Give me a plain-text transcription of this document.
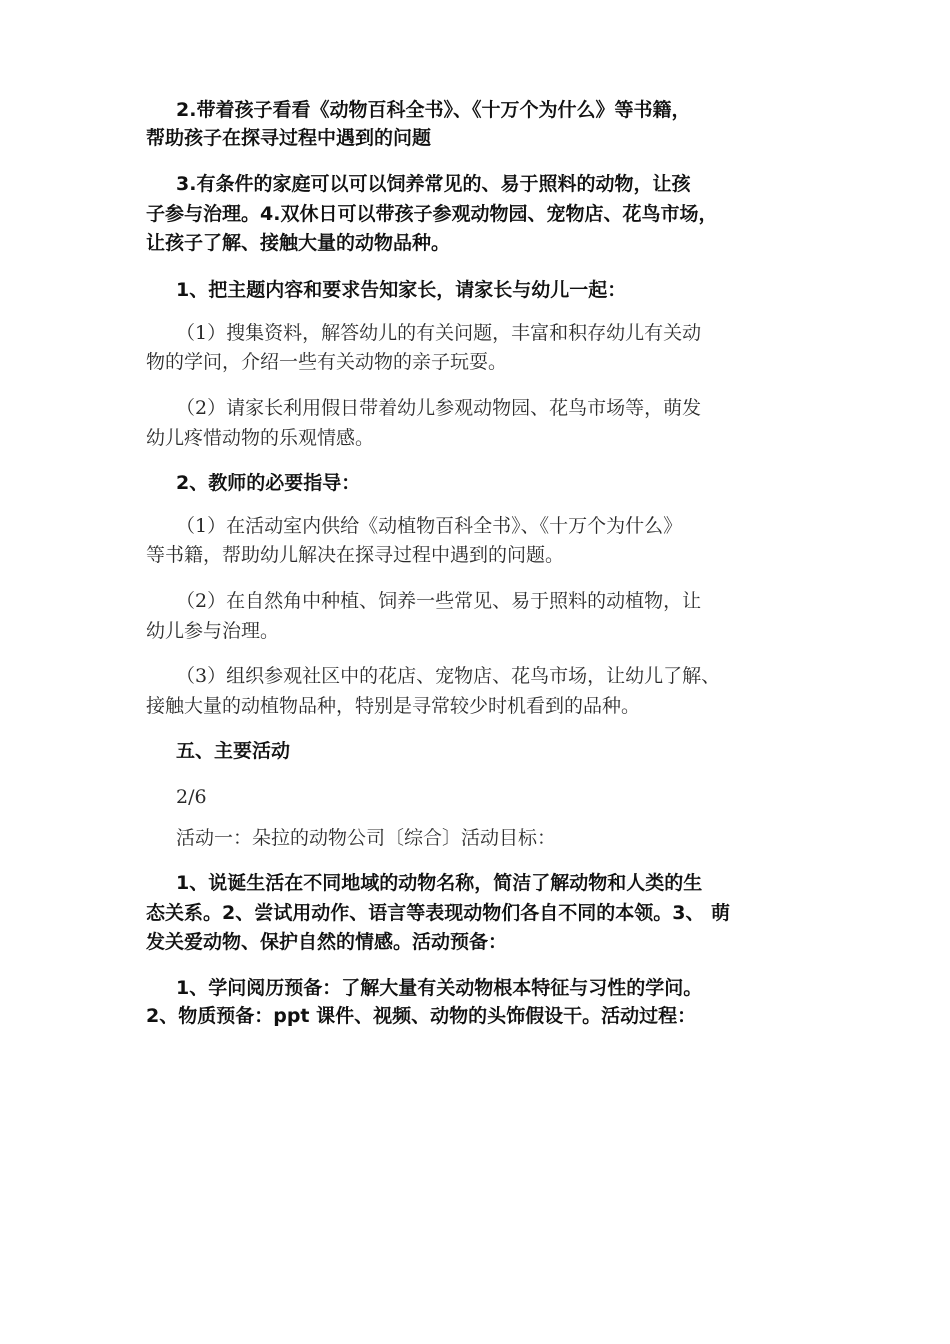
2.带着孩子看看《动物百科全书》、《十万个为什么》等书籍，
帮助孩子在探寻过程中遇到的问题
3.有条件的家庭可以可以饲养常见的、易于照料的动物，让孩
子参与治理。4.双休日可以带孩子参观动物园、宠物店、花鸟市场，
让孩子了解、接触大量的动物品种。
1、把主题内容和要求告知家长，请家长与幼儿一起：
（1）搜集资料，解答幼儿的有关问题，丰富和积存幼儿有关动
物的学问，介绍一些有关动物的亲子玩耍。
（2）请家长利用假日带着幼儿参观动物园、花鸟市场等，萌发
幼儿疼惜动物的乐观情感。
2、教师的必要指导：
（1）在活动室内供给《动植物百科全书》、《十万个为什么》
等书籍，帮助幼儿解决在探寻过程中遇到的问题。
（2）在自然角中种植、饲养一些常见、易于照料的动植物，让
幼儿参与治理。
（3）组织参观社区中的花店、宠物店、花鸟市场，让幼儿了解、
接触大量的动植物品种，特别是寻常较少时机看到的品种。
五、主要活动
2/6
活动一：朵拉的动物公司〔综合〕活动目标：
1、说诞生活在不同地域的动物名称，简洁了解动物和人类的生
态关系。2、尝试用动作、语言等表现动物们各自不同的本领。3、 萌
发关爱动物、保护自然的情感。活动预备：
1、学问阅历预备：了解大量有关动物根本特征与习性的学问。
2、物质预备：ppt 课件、视频、动物的头饰假设干。活动过程：
